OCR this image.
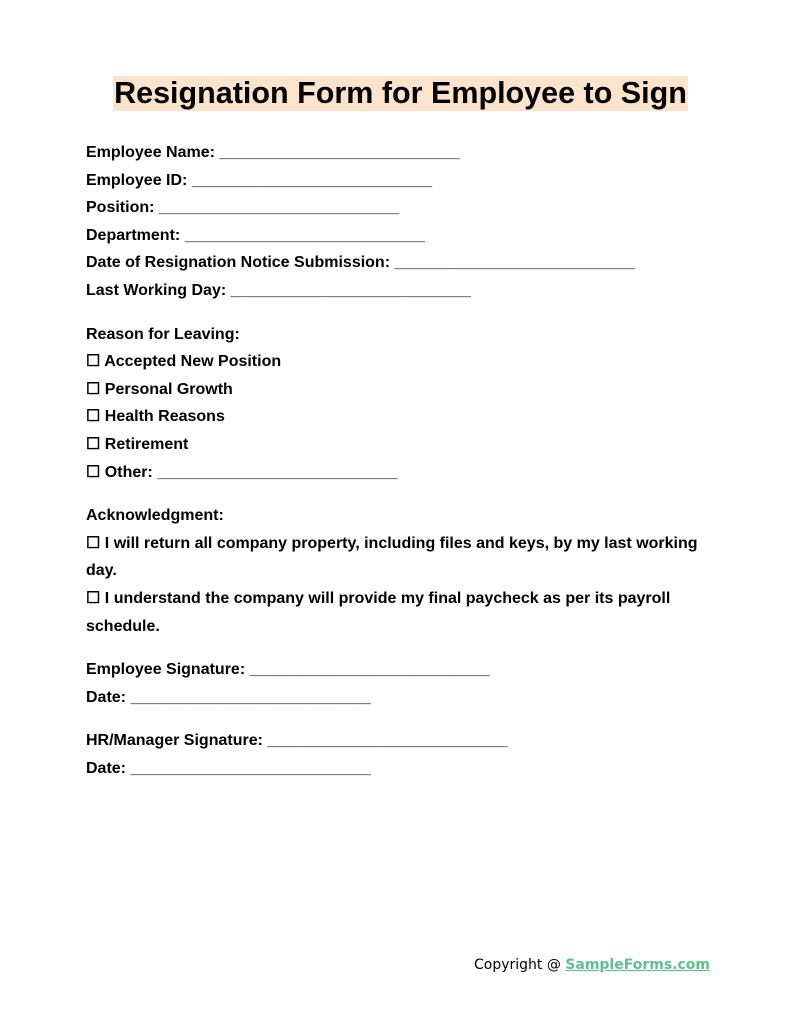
Resignation Form for Employee to Sign
Employee Name: ___________________________
Employee ID: ___________________________
Position: ___________________________
Department: ___________________________
Date of Resignation Notice Submission: ___________________________
Last Working Day: ___________________________
Reason for Leaving:
☐ Accepted New Position
☐ Personal Growth
☐ Health Reasons
☐ Retirement
☐ Other: ___________________________
Acknowledgment:
☐ I will return all company property, including files and keys, by my last working day.
☐ I understand the company will provide my final paycheck as per its payroll schedule.
Employee Signature: ___________________________
Date: ___________________________
HR/Manager Signature: ___________________________
Date: ___________________________
Copyright @ SampleForms.com
